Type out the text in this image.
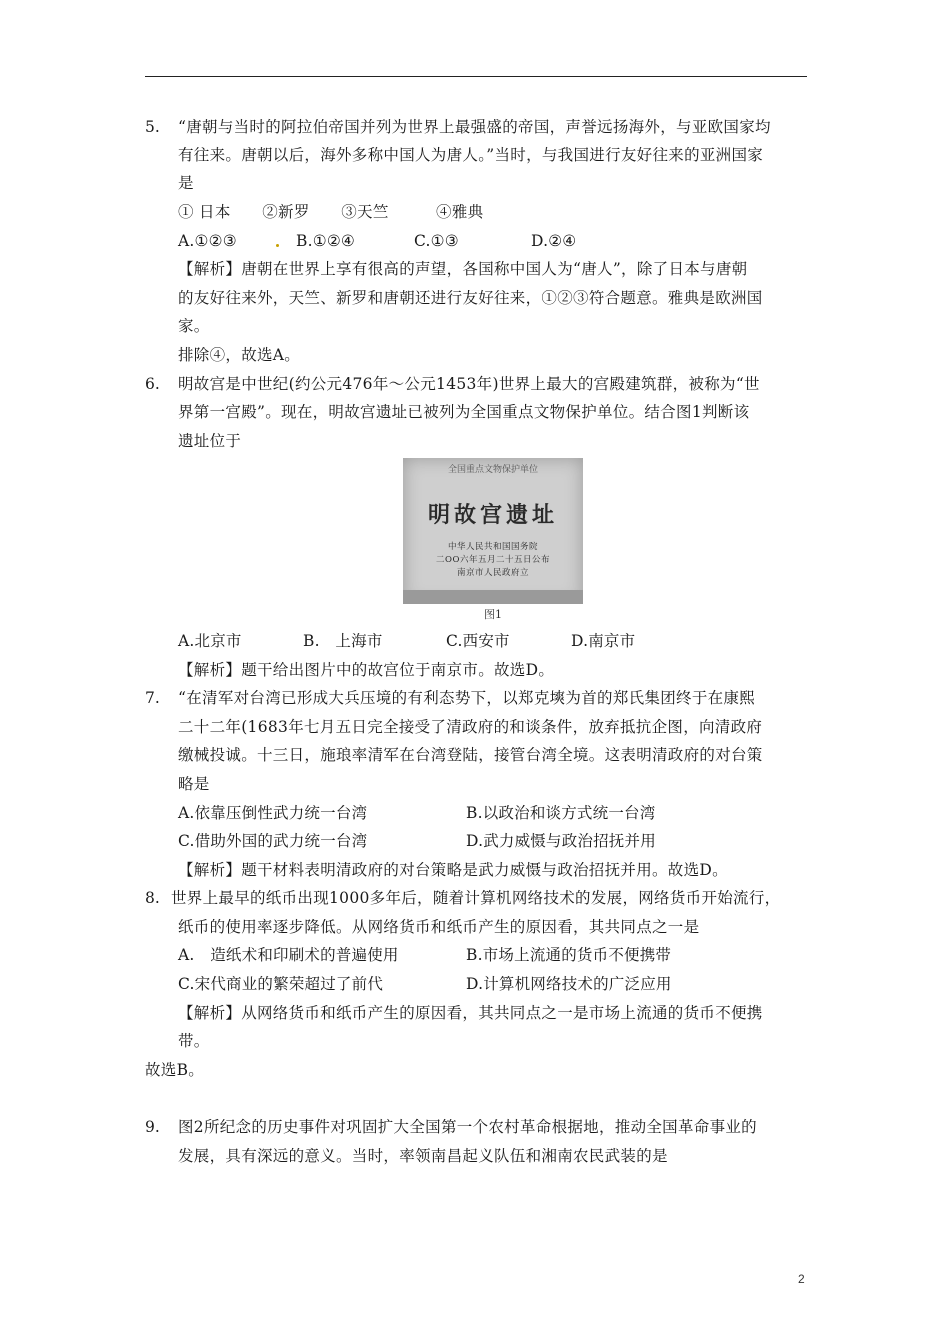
5. “唐朝与当时的阿拉伯帝国并列为世界上最强盛的帝国，声誉远扬海外，与亚欧国家均
有往来。唐朝以后，海外多称中国人为唐人。”当时，与我国进行友好往来的亚洲国家
是
① 日本　　②新罗　　③天竺　　　④雅典
A.①②③	B.①②④	C.①③	D.②④
【解析】唐朝在世界上享有很高的声望，各国称中国人为“唐人”，除了日本与唐朝
的友好往来外，天竺、新罗和唐朝还进行友好往来，①②③符合题意。雅典是欧洲国
家。
排除④，故选A。
6. 明故宫是中世纪(约公元476年～公元1453年)世界上最大的宫殿建筑群，被称为“世
界第一宫殿”。现在，明故宫遗址已被列为全国重点文物保护单位。结合图1判断该
遗址位于
全国重点文物保护单位
明故宫遗址
中华人民共和国国务院
二ΟΟ六年五月二十五日公布
南京市人民政府立
图1
A.北京市	B.　上海市	C.西安市	D.南京市
【解析】题干给出图片中的故宫位于南京市。故选D。
7. “在清军对台湾已形成大兵压境的有利态势下，以郑克塽为首的郑氏集团终于在康熙
二十二年(1683年七月五日完全接受了清政府的和谈条件，放弃抵抗企图，向清政府
缴械投诚。十三日，施琅率清军在台湾登陆，接管台湾全境。这表明清政府的对台策
略是
A.依靠压倒性武力统一台湾	B.以政治和谈方式统一台湾
C.借助外国的武力统一台湾	D.武力威慑与政治招抚并用
【解析】题干材料表明清政府的对台策略是武力威慑与政治招抚并用。故选D。
8. 世界上最早的纸币出现1000多年后，随着计算机网络技术的发展，网络货币开始流行，
纸币的使用率逐步降低。从网络货币和纸币产生的原因看，其共同点之一是
A.　造纸术和印刷术的普遍使用	B.市场上流通的货币不便携带
C.宋代商业的繁荣超过了前代	D.计算机网络技术的广泛应用
【解析】从网络货币和纸币产生的原因看，其共同点之一是市场上流通的货币不便携
带。
故选B。
9. 图2所纪念的历史事件对巩固扩大全国第一个农村革命根据地，推动全国革命事业的
发展，具有深远的意义。当时，率领南昌起义队伍和湘南农民武装的是
2
